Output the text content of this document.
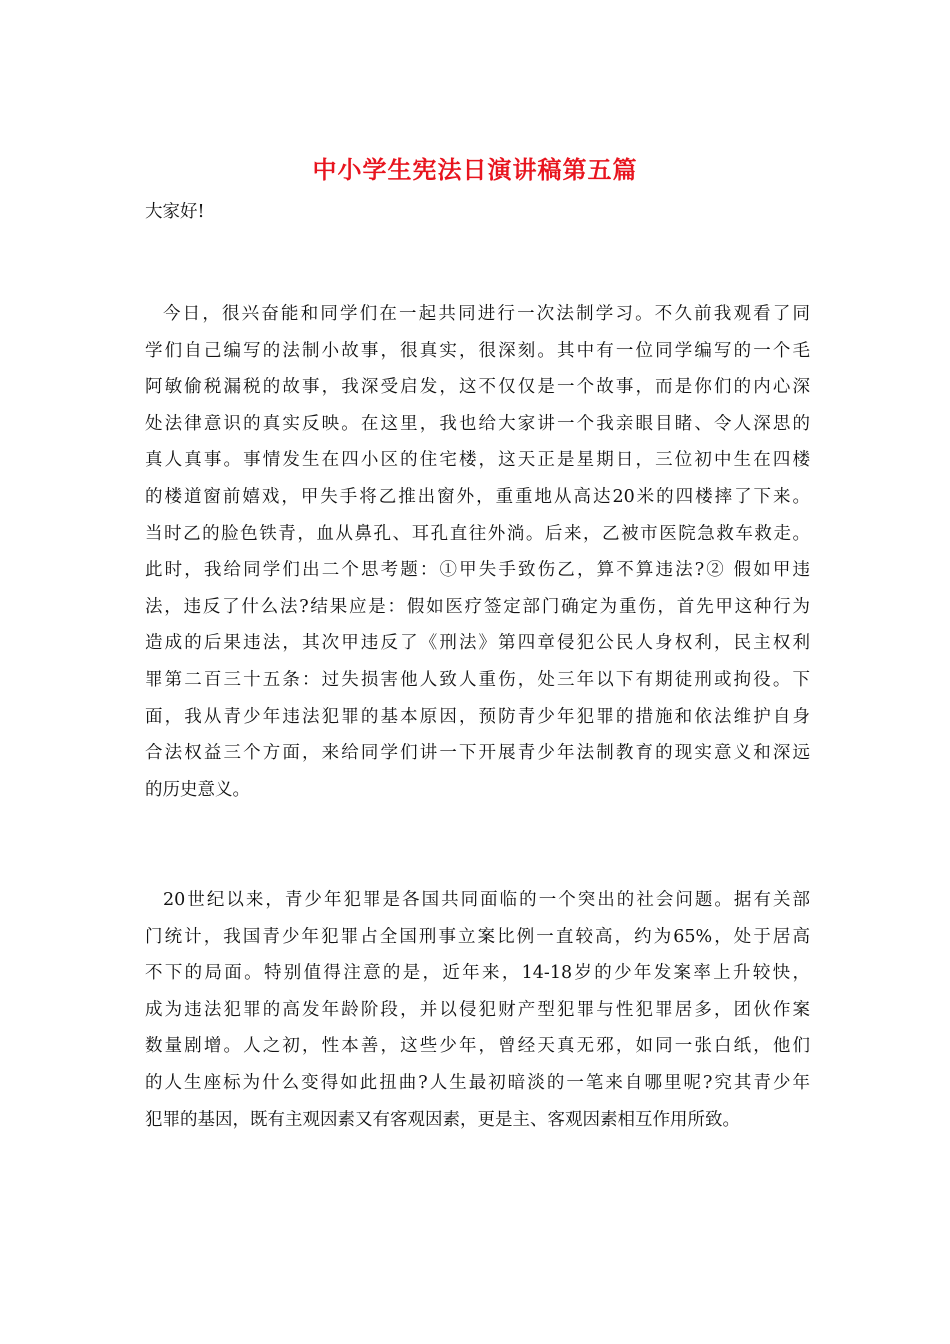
中小学生宪法日演讲稿第五篇

大家好!

今日，很兴奋能和同学们在一起共同进行一次法制学习。不久前我观看了同
学们自己编写的法制小故事，很真实，很深刻。其中有一位同学编写的一个毛
阿敏偷税漏税的故事，我深受启发，这不仅仅是一个故事，而是你们的内心深
处法律意识的真实反映。在这里，我也给大家讲一个我亲眼目睹、令人深思的
真人真事。事情发生在四小区的住宅楼，这天正是星期日，三位初中生在四楼
的楼道窗前嬉戏，甲失手将乙推出窗外，重重地从高达20米的四楼摔了下来。
当时乙的脸色铁青，血从鼻孔、耳孔直往外淌。后来，乙被市医院急救车救走。
此时，我给同学们出二个思考题：①甲失手致伤乙，算不算违法?② 假如甲违
法，违反了什么法?结果应是：假如医疗签定部门确定为重伤，首先甲这种行为
造成的后果违法，其次甲违反了《刑法》第四章侵犯公民人身权利，民主权利
罪第二百三十五条：过失损害他人致人重伤，处三年以下有期徒刑或拘役。下
面，我从青少年违法犯罪的基本原因，预防青少年犯罪的措施和依法维护自身
合法权益三个方面，来给同学们讲一下开展青少年法制教育的现实意义和深远
的历史意义。
20世纪以来，青少年犯罪是各国共同面临的一个突出的社会问题。据有关部
门统计，我国青少年犯罪占全国刑事立案比例一直较高，约为65%，处于居高
不下的局面。特别值得注意的是，近年来，14-18岁的少年发案率上升较快，
成为违法犯罪的高发年龄阶段，并以侵犯财产型犯罪与性犯罪居多，团伙作案
数量剧增。人之初，性本善，这些少年，曾经天真无邪，如同一张白纸，他们
的人生座标为什么变得如此扭曲?人生最初暗淡的一笔来自哪里呢?究其青少年
犯罪的基因，既有主观因素又有客观因素，更是主、客观因素相互作用所致。
